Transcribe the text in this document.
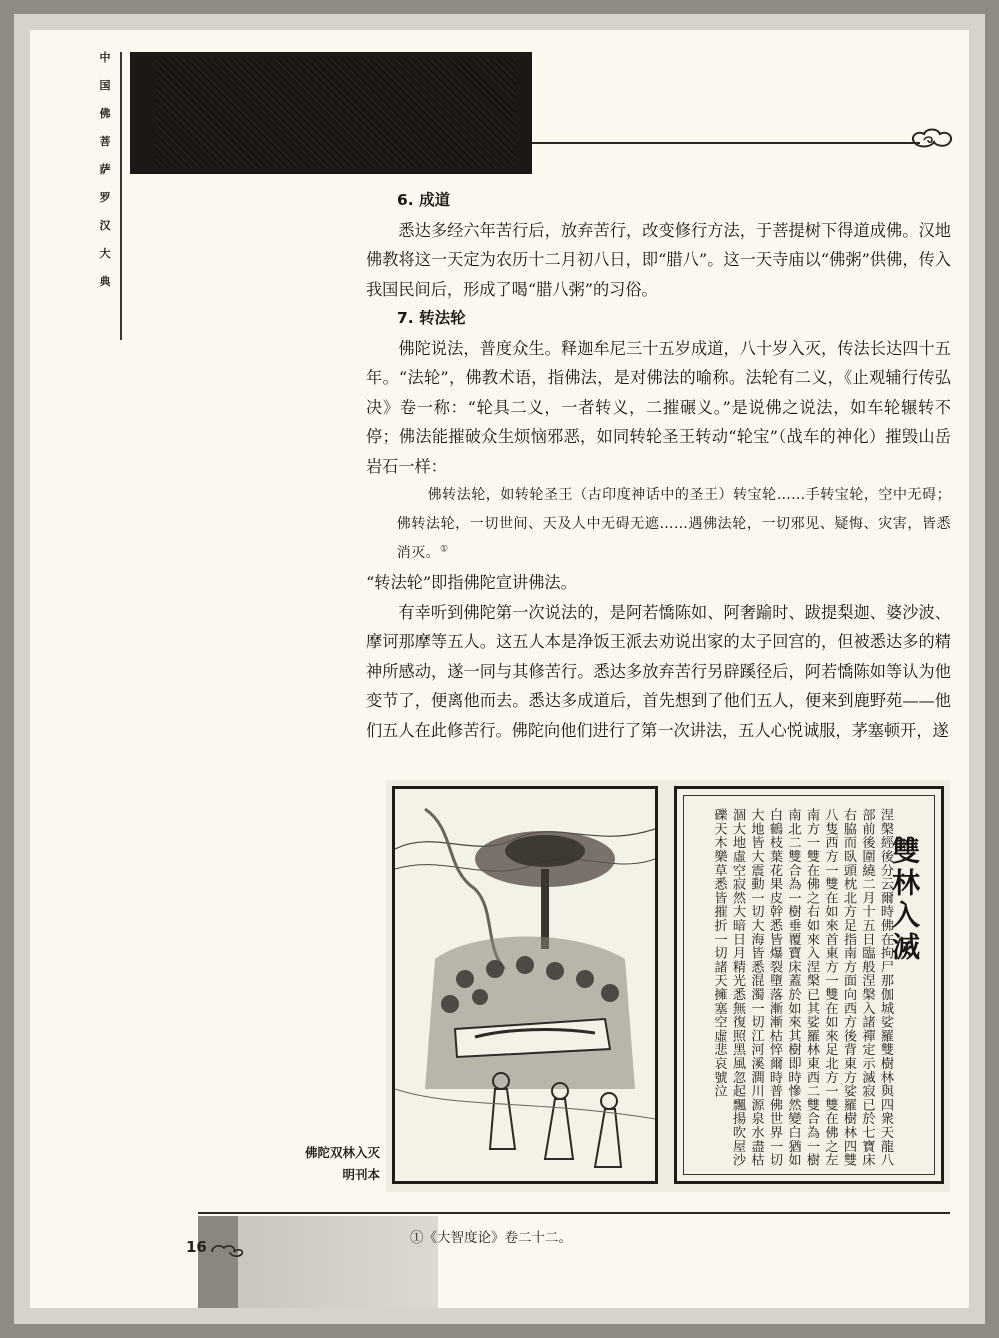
中
国
佛
菩
萨
罗
汉
大
典

6. 成道

悉达多经六年苦行后，放弃苦行，改变修行方法，于菩提树下得道成佛。汉地佛教将这一天定为农历十二月初八日，即“腊八”。这一天寺庙以“佛粥”供佛，传入我国民间后，形成了喝“腊八粥”的习俗。

7. 转法轮

佛陀说法，普度众生。释迦牟尼三十五岁成道，八十岁入灭，传法长达四十五年。“法轮”，佛教术语，指佛法，是对佛法的喻称。法轮有二义，《止观辅行传弘决》卷一称：“轮具二义，一者转义，二摧碾义。”是说佛之说法，如车轮辗转不停；佛法能摧破众生烦恼邪恶，如同转轮圣王转动“轮宝”（战车的神化）摧毁山岳岩石一样：

佛转法轮，如转轮圣王（古印度神话中的圣王）转宝轮……手转宝轮，空中无碍；佛转法轮，一切世间、天及人中无碍无遮……遇佛法轮，一切邪见、疑悔、灾害，皆悉消灭。①

“转法轮”即指佛陀宣讲佛法。

有幸听到佛陀第一次说法的，是阿若憍陈如、阿奢踰时、跋提梨迦、婆沙波、摩诃那摩等五人。这五人本是净饭王派去劝说出家的太子回宫的，但被悉达多的精神所感动，遂一同与其修苦行。悉达多放弃苦行另辟蹊径后，阿若憍陈如等认为他变节了，便离他而去。悉达多成道后，首先想到了他们五人，便来到鹿野苑——他们五人在此修苦行。佛陀向他们进行了第一次讲法，五人心悦诚服，茅塞顿开，遂

雙林入滅
涅槃經後分云爾時佛在拘尸那伽城娑羅雙樹林與四衆天龍八部前後圍繞二月十五日臨般涅槃入諸禪定示滅寂已於七寶床右脇而臥頭枕北方足指南方面向西方後背東方娑羅樹林四雙八隻西方一雙在如來首東方一雙在如來足北方一雙在佛之左南方一雙在佛之右如來入涅槃已其娑羅林東西二雙合為一樹南北二雙合為一樹垂覆寶床蓋於如來其樹即時慘然變白猶如白鶴枝葉花果皮幹悉皆爆裂墮落漸漸枯悴爾時普佛世界一切大地皆大震動一切大海皆悉混濁一切江河溪澗川源泉水盡枯涸大地虛空寂然大暗日月精光悉無復照黑風忽起飄揚吹屋沙礫天木樂草悉皆摧折一切諸天擁塞空虛悲哀號泣
佛陀双林入灭
明刊本
16	①《大智度论》卷二十二。
